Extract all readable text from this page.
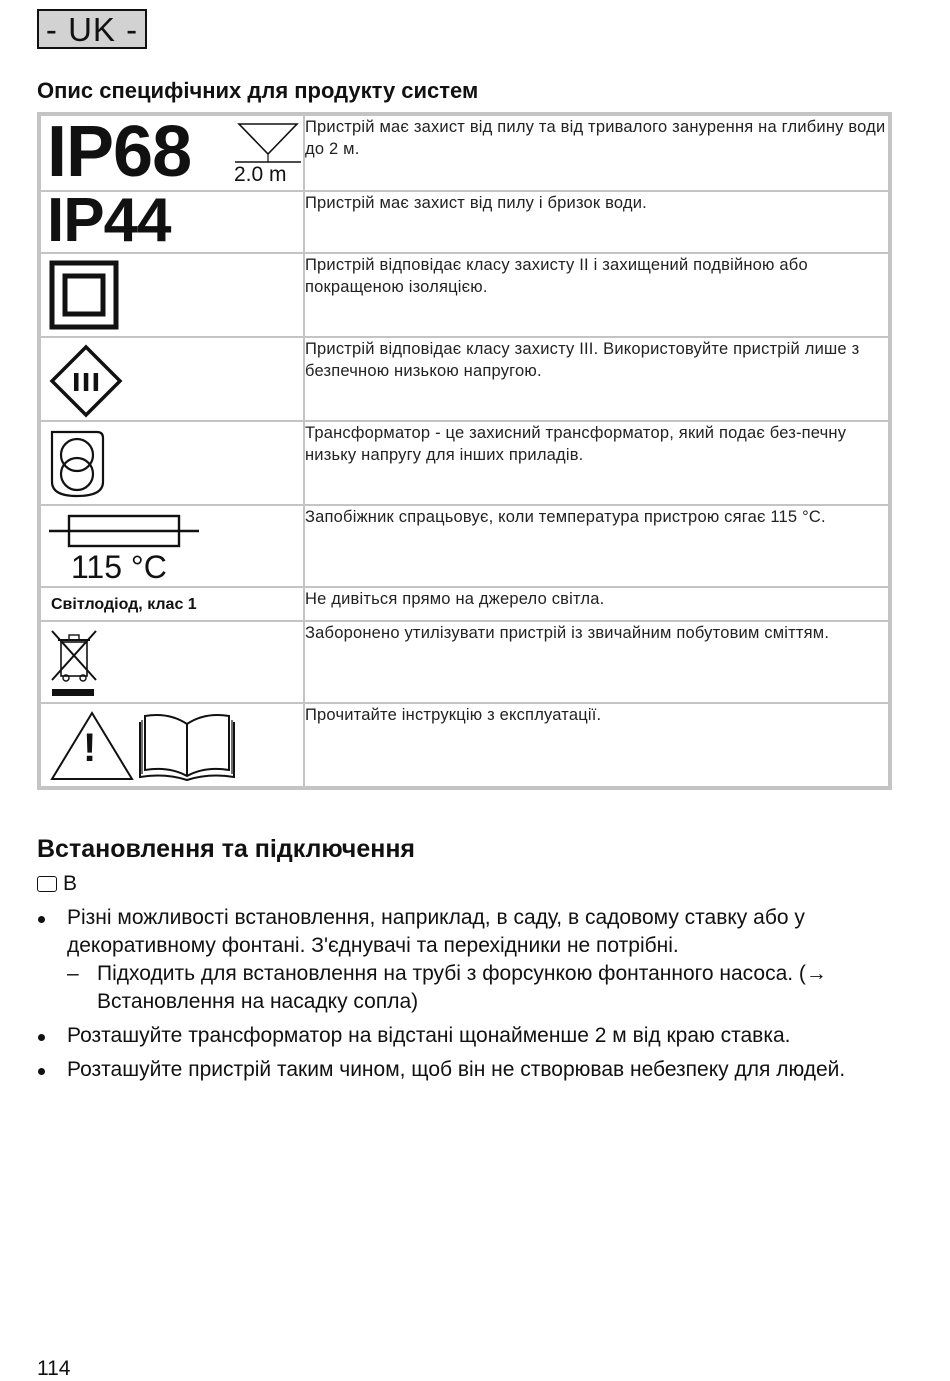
- UK -
Опис специфічних для продукту систем
IP68 2.0 m	Пристрій має захист від пилу та від тривалого занурення на глибину води до 2 м.

IP44	Пристрій має захист від пилу і бризок води.

	Пристрій відповідає класу захисту II і захищений подвійною або покращеною ізоляцією.

	Пристрій відповідає класу захисту III. Використовуйте пристрій лише з безпечною низькою напругою.

	Трансформатор - це захисний трансформатор, який подає без-печну низьку напругу для інших приладів.

115 °C	Запобіжник спрацьовує, коли температура пристрою сягає 115 °C.

Світлодіод, клас 1	Не дивіться прямо на джерело світла.

	Заборонено утилізувати пристрій із звичайним побутовим сміттям.

!	Прочитайте інструкцію з експлуатації.
Встановлення та підключення
B
Різні можливості встановлення, наприклад, в саду, в садовому ставку або у декоративному фонтані. З'єднувачі та перехідники не потрібні.
– Підходить для встановлення на трубі з форсункою фонтанного насоса. (→ Встановлення на насадку сопла)
Розташуйте трансформатор на відстані щонайменше 2 м від краю ставка.
Розташуйте пристрій таким чином, щоб він не створював небезпеку для людей.
114
